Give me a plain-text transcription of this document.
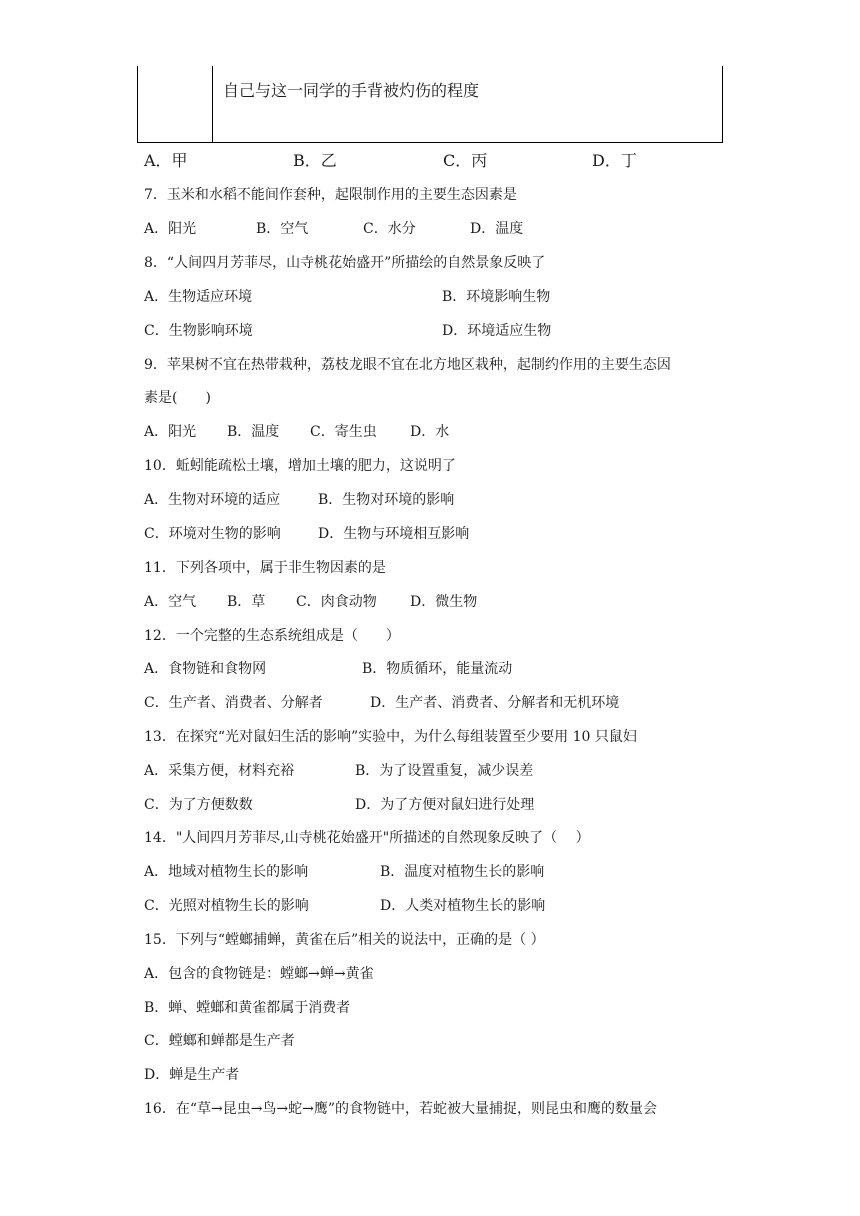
自己与这一同学的手背被灼伤的程度
A．甲	B．乙	C．丙	D．丁
7．玉米和水稻不能间作套种，起限制作用的主要生态因素是
A．阳光	B．空气	C．水分	D．温度
8．“人间四月芳菲尽，山寺桃花始盛开”所描绘的自然景象反映了
A．生物适应环境	B．环境影响生物
C．生物影响环境	D．环境适应生物
9．苹果树不宜在热带栽种，荔枝龙眼不宜在北方地区栽种，起制约作用的主要生态因
素是(　　)
A．阳光 B．温度 C．寄生虫 D．水
10．蚯蚓能疏松土壤，增加土壤的肥力，这说明了
A．生物对环境的适应	B．生物对环境的影响
C．环境对生物的影响	D．生物与环境相互影响
11．下列各项中，属于非生物因素的是
A．空气 B．草 C．肉食动物 D．微生物
12．一个完整的生态系统组成是（　　）
A．食物链和食物网	B．物质循环，能量流动
C．生产者、消费者、分解者	D．生产者、消费者、分解者和无机环境
13．在探究“光对鼠妇生活的影响”实验中，为什么每组装置至少要用 10 只鼠妇
A．采集方便，材料充裕	B．为了设置重复，减少误差
C．为了方便数数	D．为了方便对鼠妇进行处理
14．"人间四月芳菲尽,山寺桃花始盛开"所描述的自然现象反映了（　 ）
A．地域对植物生长的影响	B．温度对植物生长的影响
C．光照对植物生长的影响	D．人类对植物生长的影响
15．下列与“螳螂捕蝉，黄雀在后”相关的说法中，正确的是（ ）
A．包含的食物链是：螳螂→蝉→黄雀
B．蝉、螳螂和黄雀都属于消费者
C．螳螂和蝉都是生产者
D．蝉是生产者
16．在“草→昆虫→鸟→蛇→鹰”的食物链中，若蛇被大量捕捉，则昆虫和鹰的数量会
